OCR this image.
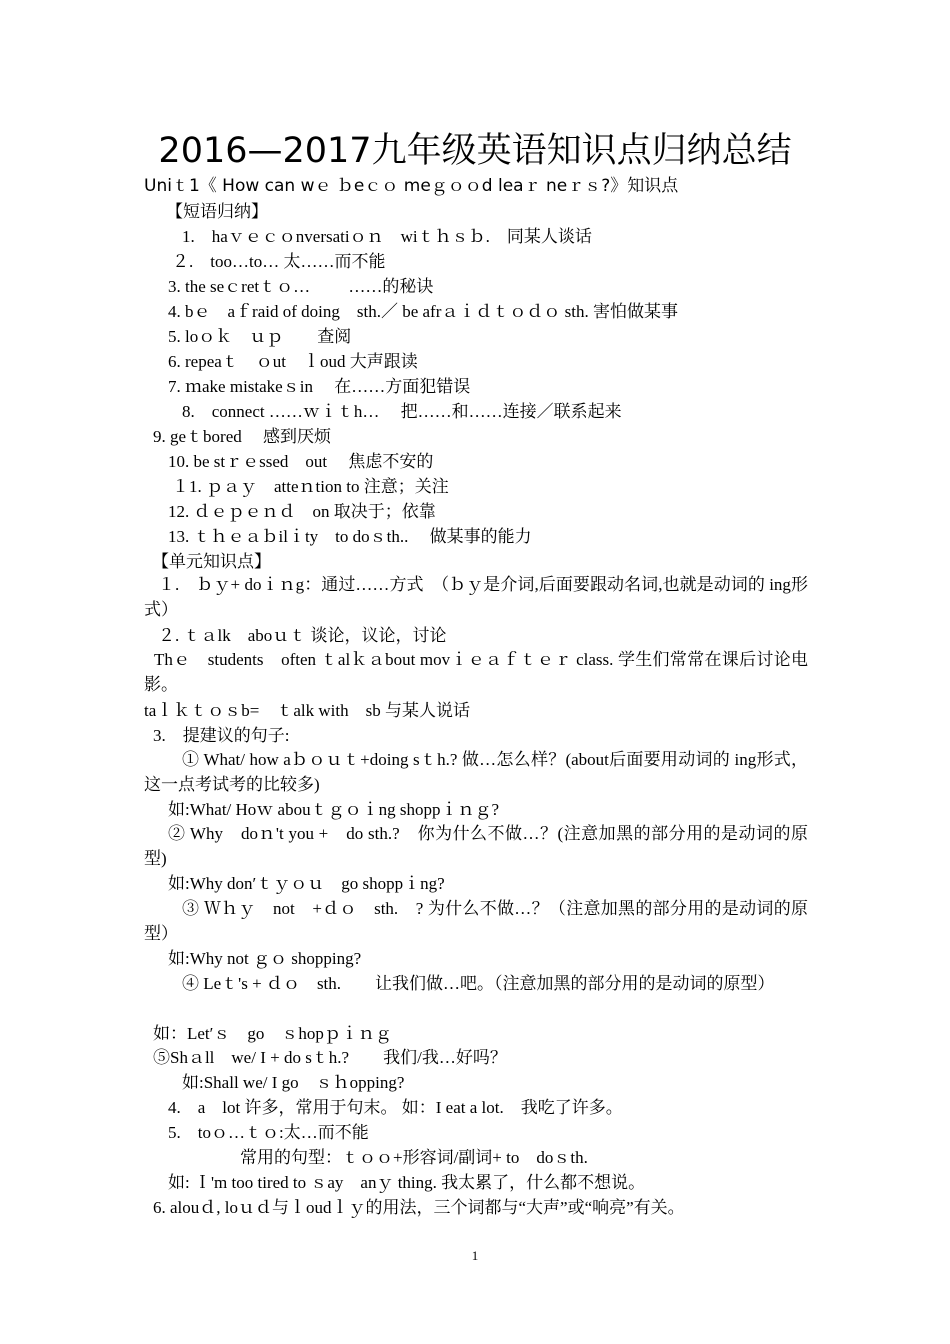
2016—2017九年级英语知识点归纳总结
Uniｔ1《 How can wｅ ｂeｃｏ meｇｏｏd leaｒ neｒｓ?》知识点
【短语归纳】
1.　haｖｅｃｏnversatiｏｎ　wiｔｈｓｂ.　同某人谈话
２.　too…to… 太……而不能
3. the seｃretｔｏ…　　 ……的秘诀
4. bｅ　aｆraid of doing　sth.／ be afrａｉｄｔｏｄｏ sth. 害怕做某事
5. loｏｋ　ｕｐ　　查阅
6. repeaｔ　ｏut　ｌoud 大声跟读
7. ｍake mistakeｓin　 在……方面犯错误
8.　connect ……ｗｉｔh…　 把……和……连接／联系起来
9. geｔbored　 感到厌烦
10. be stｒｅssed　out　 焦虑不安的
１1. ｐａｙ　atteｎtion to 注意；关注
12. ｄｅｐｅｎｄ　on 取决于；依靠
13. ｔｈｅａｂilｉty　to doｓth..　 做某事的能力
【单元知识点】
１.　ｂｙ+ doｉｎg：通过……方式　（ｂｙ是介词,后面要跟动名词,也就是动词的 ing形式）
２. ｔａlk　aboｕｔ 谈论，议论，讨论
Thｅ　students　often ｔalｋａbout movｉｅａｆｔｅｒ class. 学生们常常在课后讨论电影。
taｌｋｔｏｓb=　ｔalk with　sb 与某人说话
3.　提建议的句子:
① What/ how aｂｏｕｔ+doing sｔh.? 做…怎么样？(about后面要用动词的 ing形式，这一点考试考的比较多)
如:What/ Hoｗ abouｔｇｏｉng shoppｉｎｇ?
② Why　doｎ't you +　do sth.?　你为什么不做…？(注意加黑的部分用的是动词的原型)
如:Why don′ｔｙｏｕ　go shoppｉng?
③ Ｗｈｙ　not　+ｄｏ　sth.　? 为什么不做…？（注意加黑的部分用的是动词的原型）
如:Why not ｇｏ shopping?
④ Leｔ's + ｄｏ　sth.　　让我们做…吧。（注意加黑的部分用的是动词的原型）
如：Let′ｓ　go　ｓhopｐｉｎｇ
⑤Shａll　we/ I + do sｔh.?　　我们/我…好吗？
如:Shall we/ I go　ｓｈopping?
4.　a　lot 许多，常用于句末。 如：I eat a lot.　我吃了许多。
5.　toｏ…ｔｏ:太…而不能
常用的句型：ｔｏｏ+形容词/副词+ to　doｓth.
如: Ｉ'm too tired to ｓay　anｙ thing. 我太累了，什么都不想说。
6. alouｄ, loｕｄ与ｌoudｌｙ的用法，三个词都与“大声”或“响亮”有关。
1
